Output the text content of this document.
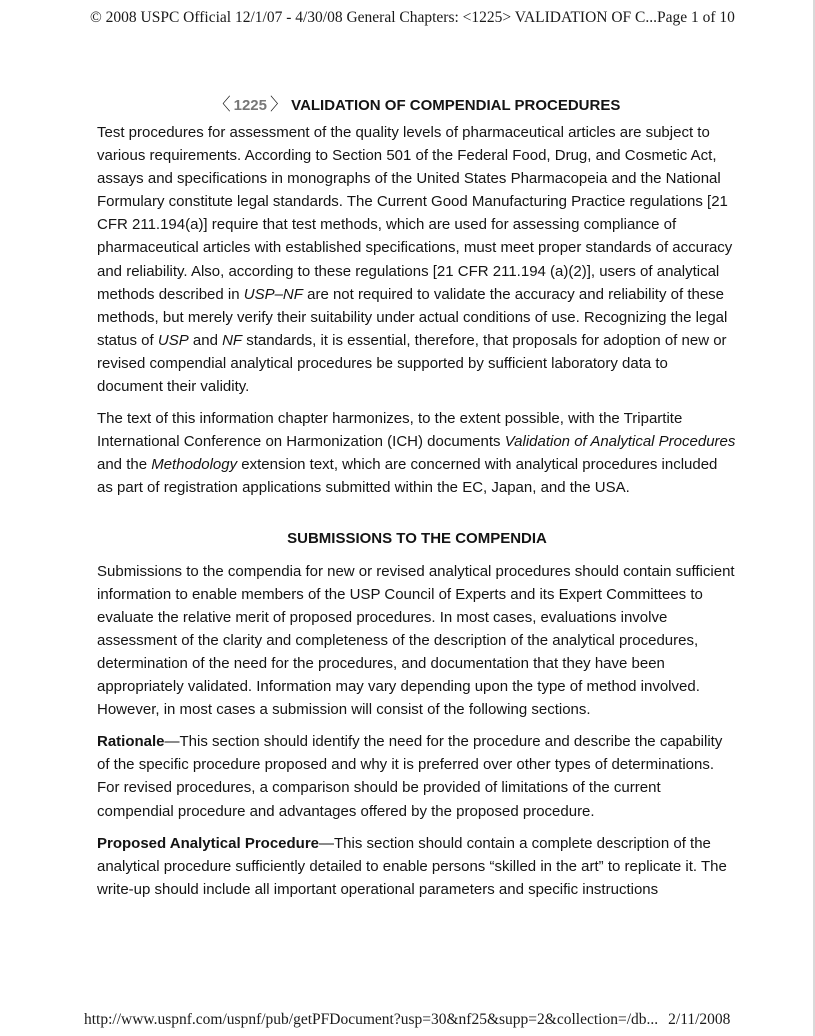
© 2008 USPC Official 12/1/07 - 4/30/08 General Chapters: <1225> VALIDATION OF C...Page 1 of 10
〈 1225 〉 VALIDATION OF COMPENDIAL PROCEDURES

Test procedures for assessment of the quality levels of pharmaceutical articles are subject to various requirements. According to Section 501 of the Federal Food, Drug, and Cosmetic Act, assays and specifications in monographs of the United States Pharmacopeia and the National Formulary constitute legal standards. The Current Good Manufacturing Practice regulations [21 CFR 211.194(a)] require that test methods, which are used for assessing compliance of pharmaceutical articles with established specifications, must meet proper standards of accuracy and reliability. Also, according to these regulations [21 CFR 211.194 (a)(2)], users of analytical methods described in USP–NF are not required to validate the accuracy and reliability of these methods, but merely verify their suitability under actual conditions of use. Recognizing the legal status of USP and NF standards, it is essential, therefore, that proposals for adoption of new or revised compendial analytical procedures be supported by sufficient laboratory data to document their validity.

The text of this information chapter harmonizes, to the extent possible, with the Tripartite International Conference on Harmonization (ICH) documents Validation of Analytical Procedures and the Methodology extension text, which are concerned with analytical procedures included as part of registration applications submitted within the EC, Japan, and the USA.

SUBMISSIONS TO THE COMPENDIA

Submissions to the compendia for new or revised analytical procedures should contain sufficient information to enable members of the USP Council of Experts and its Expert Committees to evaluate the relative merit of proposed procedures. In most cases, evaluations involve assessment of the clarity and completeness of the description of the analytical procedures, determination of the need for the procedures, and documentation that they have been appropriately validated. Information may vary depending upon the type of method involved. However, in most cases a submission will consist of the following sections.

Rationale—This section should identify the need for the procedure and describe the capability of the specific procedure proposed and why it is preferred over other types of determinations. For revised procedures, a comparison should be provided of limitations of the current compendial procedure and advantages offered by the proposed procedure.

Proposed Analytical Procedure—This section should contain a complete description of the analytical procedure sufficiently detailed to enable persons “skilled in the art” to replicate it. The write-up should include all important operational parameters and specific instructions

http://www.uspnf.com/uspnf/pub/getPFDocument?usp=30&nf25&supp=2&collection=/db... 2/11/2008
